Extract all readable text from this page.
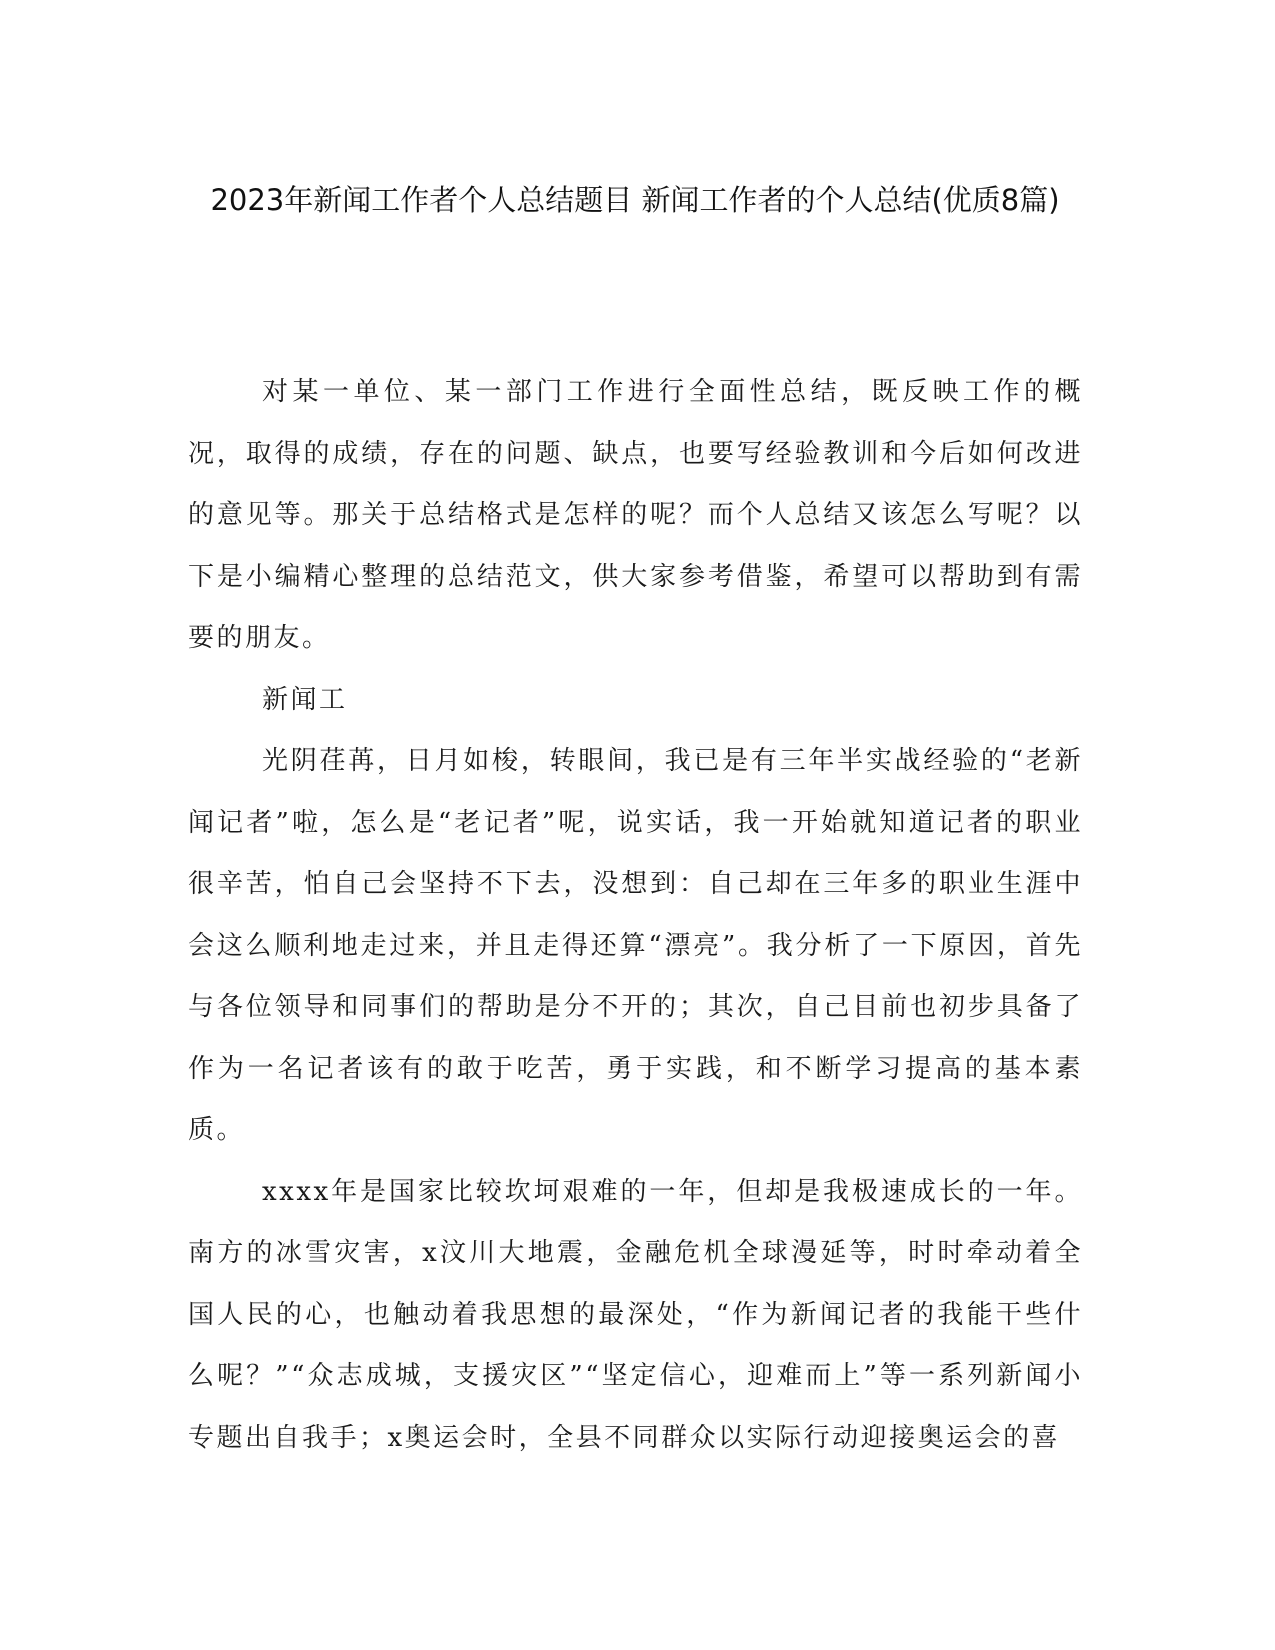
2023年新闻工作者个人总结题目 新闻工作者的个人总结(优质8篇)

对某一单位、某一部门工作进行全面性总结，既反映工作的概况，取得的成绩，存在的问题、缺点，也要写经验教训和今后如何改进的意见等。那关于总结格式是怎样的呢？而个人总结又该怎么写呢？以下是小编精心整理的总结范文，供大家参考借鉴，希望可以帮助到有需要的朋友。

新闻工

光阴荏苒，日月如梭，转眼间，我已是有三年半实战经验的“老新闻记者”啦，怎么是“老记者”呢，说实话，我一开始就知道记者的职业很辛苦，怕自己会坚持不下去，没想到：自己却在三年多的职业生涯中会这么顺利地走过来，并且走得还算“漂亮”。我分析了一下原因，首先与各位领导和同事们的帮助是分不开的；其次，自己目前也初步具备了作为一名记者该有的敢于吃苦，勇于实践，和不断学习提高的基本素质。

xxxx年是国家比较坎坷艰难的一年，但却是我极速成长的一年。南方的冰雪灾害，x汶川大地震，金融危机全球漫延等，时时牵动着全国人民的心，也触动着我思想的最深处，“作为新闻记者的我能干些什么呢？”“众志成城，支援灾区”“坚定信心，迎难而上”等一系列新闻小专题出自我手；x奥运会时，全县不同群众以实际行动迎接奥运会的喜
